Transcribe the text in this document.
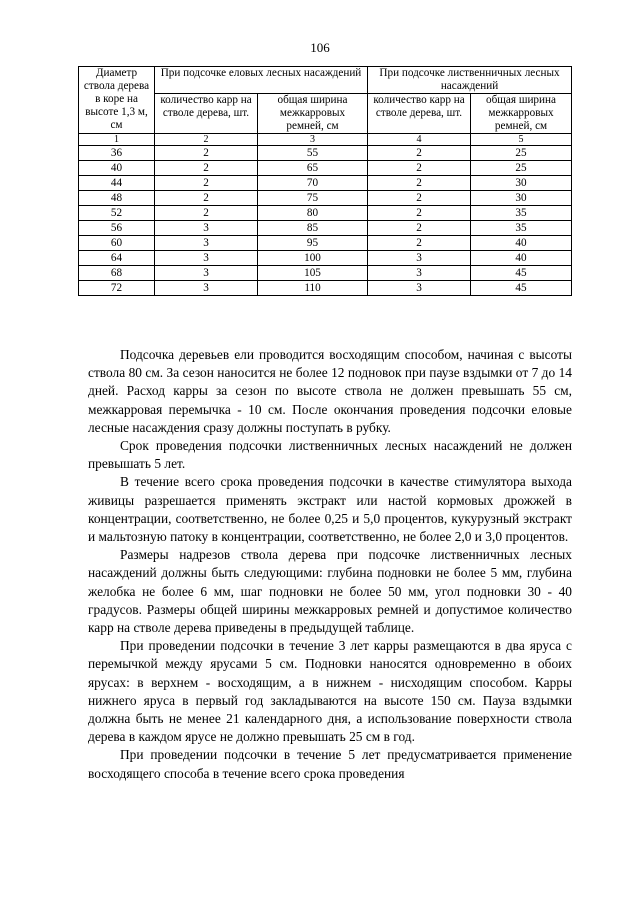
106
Диаметр ствола дерева в коре на высоте 1,3 м, см	При подсочке еловых лесных насаждений		При подсочке лиственничных лесных насаждений	
	количество карр на стволе дерева, шт.	общая ширина межкарровых ремней, см	количество карр на стволе дерева, шт.	общая ширина межкарровых ремней, см
1	2	3	4	5
36	2	55	2	25
40	2	65	2	25
44	2	70	2	30
48	2	75	2	30
52	2	80	2	35
56	3	85	2	35
60	3	95	2	40
64	3	100	3	40
68	3	105	3	45
72	3	110	3	45

Подсочка деревьев ели проводится восходящим способом, начиная с высоты ствола 80 см. За сезон наносится не более 12 подновок при паузе вздымки от 7 до 14 дней. Расход карры за сезон по высоте ствола не должен превышать 55 см, межкарровая перемычка - 10 см. После окончания проведения подсочки еловые лесные насаждения сразу должны поступать в рубку.

Срок проведения подсочки лиственничных лесных насаждений не должен превышать 5 лет.

В течение всего срока проведения подсочки в качестве стимулятора выхода живицы разрешается применять экстракт или настой кормовых дрожжей в концентрации, соответственно, не более 0,25 и 5,0 процентов, кукурузный экстракт и мальтозную патоку в концентрации, соответственно, не более 2,0 и 3,0 процентов.

Размеры надрезов ствола дерева при подсочке лиственничных лесных насаждений должны быть следующими: глубина подновки не более 5 мм, глубина желобка не более 6 мм, шаг подновки не более 50 мм, угол подновки 30 - 40 градусов. Размеры общей ширины межкарровых ремней и допустимое количество карр на стволе дерева приведены в предыдущей таблице.

При проведении подсочки в течение 3 лет карры размещаются в два яруса с перемычкой между ярусами 5 см. Подновки наносятся одновременно в обоих ярусах: в верхнем - восходящим, а в нижнем - нисходящим способом. Карры нижнего яруса в первый год закладываются на высоте 150 см. Пауза вздымки должна быть не менее 21 календарного дня, а использование поверхности ствола дерева в каждом ярусе не должно превышать 25 см в год.

При проведении подсочки в течение 5 лет предусматривается применение восходящего способа в течение всего срока проведения
